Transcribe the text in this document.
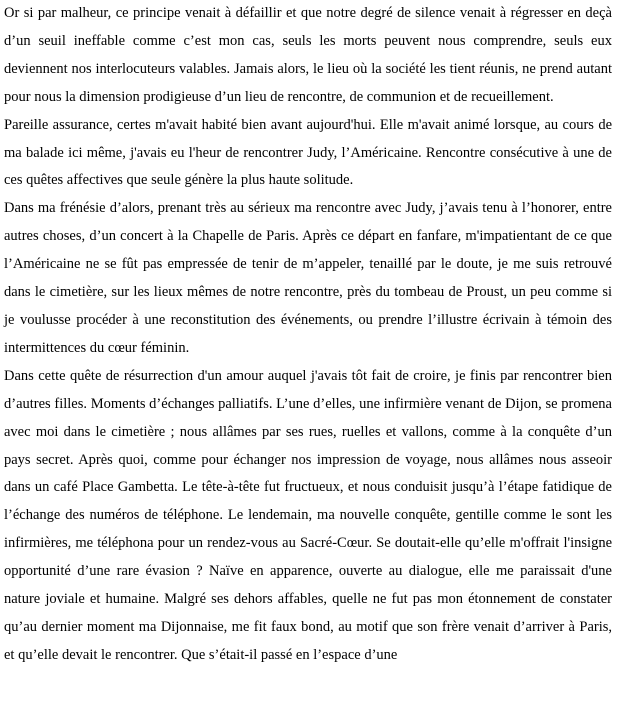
Or si par malheur, ce principe venait à défaillir et que notre degré de silence venait à régresser en deçà d’un seuil ineffable comme c’est mon cas, seuls les morts peuvent nous comprendre, seuls eux deviennent nos interlocuteurs valables. Jamais alors, le lieu où la société les tient réunis, ne prend autant pour nous la dimension prodigieuse d’un lieu de rencontre, de communion et de recueillement.

Pareille assurance, certes m'avait habité bien avant aujourd'hui. Elle m'avait animé lorsque, au cours de ma balade ici même, j'avais eu l'heur de rencontrer Judy, l’Américaine. Rencontre consécutive à une de ces quêtes affectives que seule génère la plus haute solitude.

Dans ma frénésie d’alors, prenant très au sérieux ma rencontre avec Judy, j’avais tenu à l’honorer, entre autres choses, d’un concert à la Chapelle de Paris. Après ce départ en fanfare, m'impatientant de ce que l’Américaine ne se fût pas empressée de tenir de m’appeler, tenaillé par le doute, je me suis retrouvé dans le cimetière, sur les lieux mêmes de notre rencontre, près du tombeau de Proust, un peu comme si je voulusse procéder à une reconstitution des événements, ou prendre l’illustre écrivain à témoin des intermittences du cœur féminin.

Dans cette quête de résurrection d'un amour auquel j'avais tôt fait de croire, je finis par rencontrer bien d’autres filles. Moments d’échanges palliatifs. L’une d’elles, une infirmière venant de Dijon, se promena avec moi dans le cimetière ; nous allâmes par ses rues, ruelles et vallons, comme à la conquête d’un pays secret. Après quoi, comme pour échanger nos impression de voyage, nous allâmes nous asseoir dans un café Place Gambetta. Le tête-à-tête fut fructueux, et nous conduisit jusqu’à l’étape fatidique de l’échange des numéros de téléphone. Le lendemain, ma nouvelle conquête, gentille comme le sont les infirmières, me téléphona pour un rendez-vous au Sacré-Cœur. Se doutait-elle qu’elle m'offrait l'insigne opportunité d’une rare évasion ? Naïve en apparence, ouverte au dialogue, elle me paraissait d'une nature joviale et humaine. Malgré ses dehors affables, quelle ne fut pas mon étonnement de constater qu’au dernier moment ma Dijonnaise, me fit faux bond, au motif que son frère venait d’arriver à Paris, et qu’elle devait le rencontrer. Que s’était-il passé en l’espace d’une
